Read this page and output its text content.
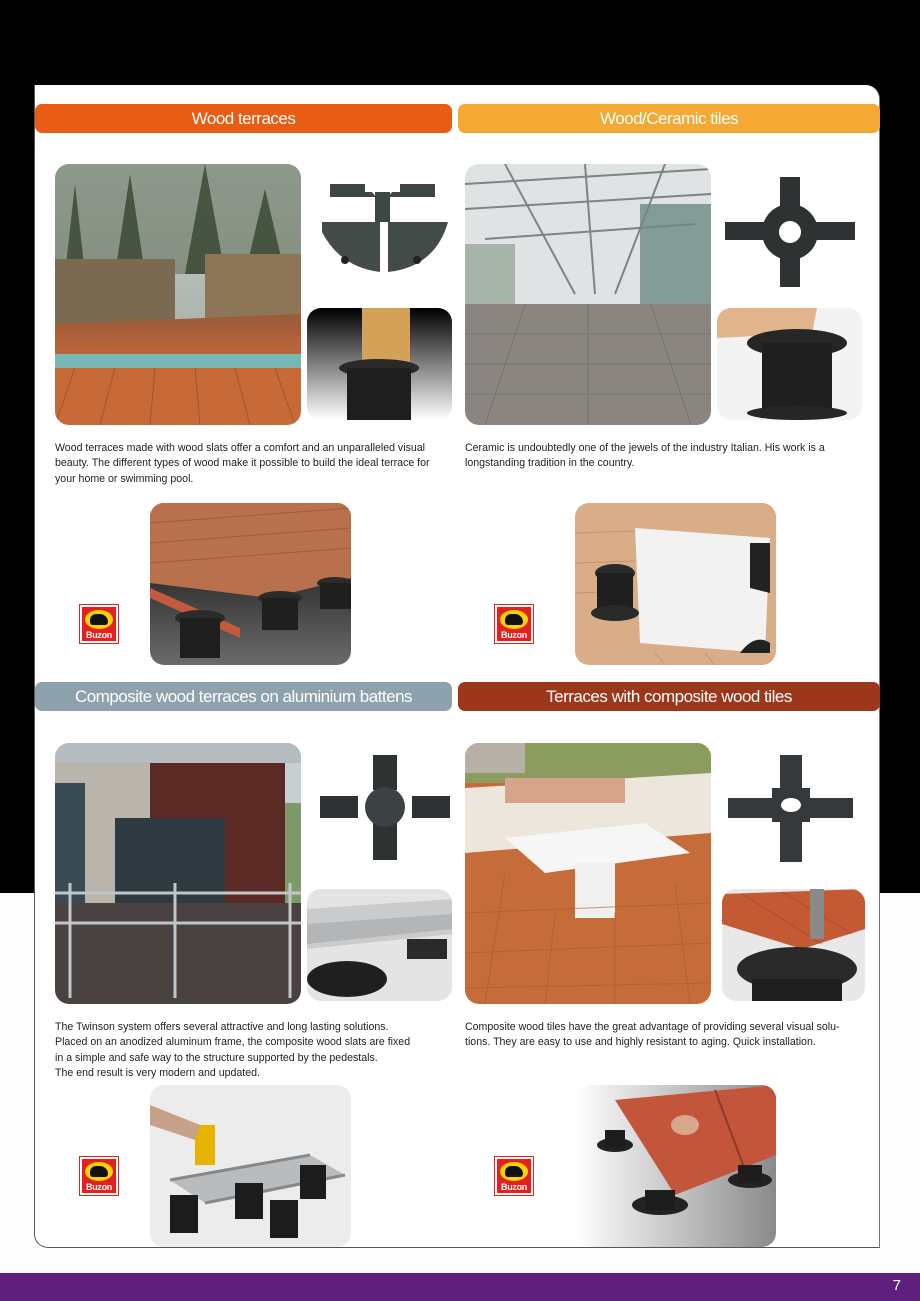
Wood terraces
Wood terraces made with wood slats offer a comfort and an unparalleled visual beauty. The different types of wood make it possible to build the ideal terrace for your home or swimming pool.
Buzon
Wood/Ceramic tiles
Ceramic is undoubtedly one of the jewels of the industry Italian. His work is a longstanding tradition in the country.
Buzon
Composite wood terraces on aluminium battens
The Twinson system offers several attractive and long lasting solutions.
Placed on an anodized aluminum frame, the composite wood slats are fixed
in a simple and safe way to the structure supported by the pedestals.
The end result is very modern and updated.
Buzon
Terraces with composite wood tiles
Composite wood tiles have the great advantage of providing several visual solu-
tions. They are easy to use and highly resistant to aging. Quick installation.
Buzon
7
